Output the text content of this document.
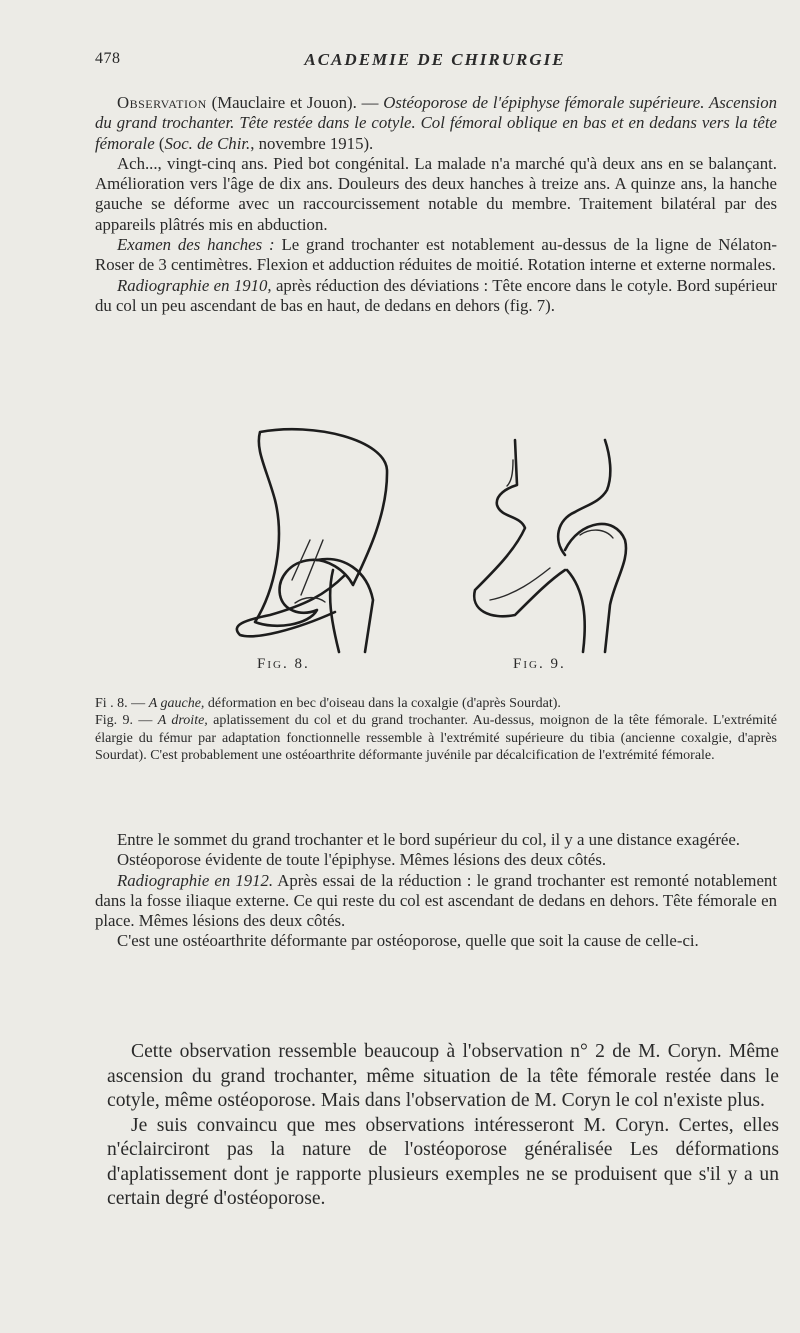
478	ACADEMIE DE CHIRURGIE

Observation (Mauclaire et Jouon). — Ostéoporose de l'épiphyse fémorale supérieure. Ascension du grand trochanter. Tête restée dans le cotyle. Col fémoral oblique en bas et en dedans vers la tête fémorale (Soc. de Chir., novembre 1915).

Ach..., vingt-cinq ans. Pied bot congénital. La malade n'a marché qu'à deux ans en se balançant. Amélioration vers l'âge de dix ans. Douleurs des deux hanches à treize ans. A quinze ans, la hanche gauche se déforme avec un raccourcissement notable du membre. Traitement bilatéral par des appareils plâtrés mis en abduction.

Examen des hanches : Le grand trochanter est notablement au-dessus de la ligne de Nélaton-Roser de 3 centimètres. Flexion et adduction réduites de moitié. Rotation interne et externe normales.

Radiographie en 1910, après réduction des déviations : Tête encore dans le cotyle. Bord supérieur du col un peu ascendant de bas en haut, de dedans en dehors (fig. 7).

Fig. 8.	Fig. 9.

Fi . 8. — A gauche, déformation en bec d'oiseau dans la coxalgie (d'après Sourdat).

Fig. 9. — A droite, aplatissement du col et du grand trochanter. Au-dessus, moignon de la tête fémorale. L'extrémité élargie du fémur par adaptation fonctionnelle ressemble à l'extrémité supérieure du tibia (ancienne coxalgie, d'après Sourdat). C'est probablement une ostéoarthrite déformante juvénile par décalcification de l'extrémité fémorale.

Entre le sommet du grand trochanter et le bord supérieur du col, il y a une distance exagérée.

Ostéoporose évidente de toute l'épiphyse. Mêmes lésions des deux côtés.

Radiographie en 1912. Après essai de la réduction : le grand trochanter est remonté notablement dans la fosse iliaque externe. Ce qui reste du col est ascendant de dedans en dehors. Tête fémorale en place. Mêmes lésions des deux côtés.

C'est une ostéoarthrite déformante par ostéoporose, quelle que soit la cause de celle-ci.

Cette observation ressemble beaucoup à l'observation n° 2 de M. Coryn. Même ascension du grand trochanter, même situation de la tête fémorale restée dans le cotyle, même ostéoporose. Mais dans l'observation de M. Coryn le col n'existe plus.

Je suis convaincu que mes observations intéresseront M. Coryn. Certes, elles n'éclairciront pas la nature de l'ostéoporose généralisée Les déformations d'aplatissement dont je rapporte plusieurs exemples ne se produisent que s'il y a un certain degré d'ostéoporose.
